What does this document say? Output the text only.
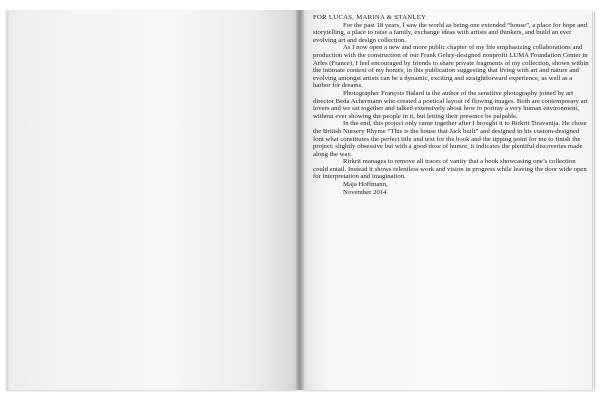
FOR LUCAS, MARINA & STANLEY

For the past 18 years, I saw the world as being one extended “house”, a place for hope and storytelling, a place to raise a family, exchange ideas with artists and thinkers, and build an ever evolving art and design collection.

As I now open a new and more public chapter of my life emphasizing collaborations and production with the construction of our Frank Gehry-designed nonprofit LUMA Foundation Center in Arles (France), I feel encouraged by friends to share private fragments of my collection, shown within the intimate context of my homes, in this publication suggesting that living with art and nature and evolving amongst artists can be a dynamic, exciting and straightforward experience, as well as a harbor for dreams.

Photographer François Halard is the author of the sensitive photography joined by art director Beda Achermann who created a poetical layout of flowing images. Both are contemporary art lovers and we sat together and talked extensively about how to portray a very human environment, without ever showing the people in it, but letting their presence be palpable.

In the end, this project only came together after I brought it to Rirkrit Tiravanija. He chose the British Nursery Rhyme “This is the house that Jack built” and designed in his custom-designed font what constitutes the perfect title and text for the book and the tipping point for me to finish the project: slightly obsessive but with a good dose of humor, it indicates the plentiful discoveries made along the way.

Rirkrit manages to remove all traces of vanity that a book showcasing one’s collection could entail. Instead it shows relentless work and vision in progress while leaving the door wide open for interpretation and imagination.

Maja Hoffmann,

November 2014
